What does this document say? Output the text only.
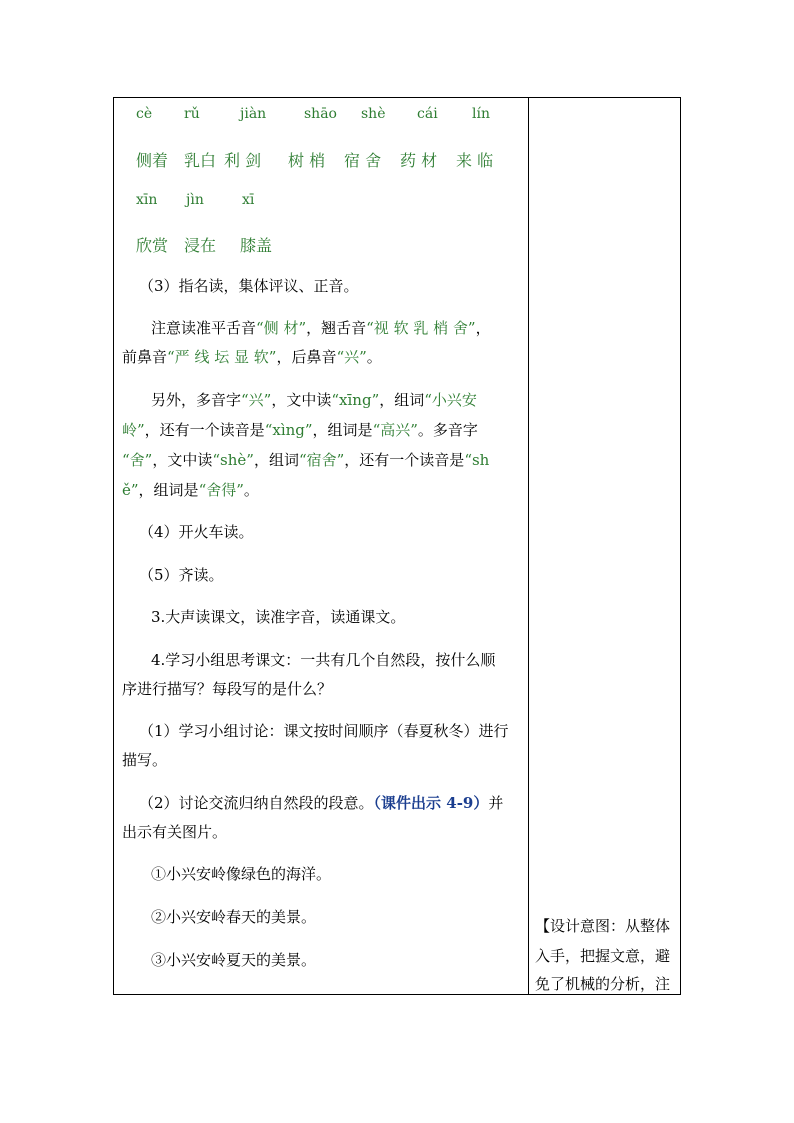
cè rǔ	jiàn	shāo shè cái lín
侧着 乳白 利 剑 树 梢 宿 舍 药 材 来 临
xīn jìn	xī
欣赏 浸在 膝盖
（3）指名读，集体评议、正音。
注意读准平舌音“侧 材”，翘舌音“视 软 乳 梢 舍”，
前鼻音“严 线 坛 显 软”，后鼻音“兴”。
另外，多音字“兴”，文中读“xīng”，组词“小兴安
岭”，还有一个读音是“xìng”，组词是“高兴”。多音字
“舍”，文中读“shè”，组词“宿舍”，还有一个读音是“sh
ě”，组词是“舍得”。
（4）开火车读。
（5）齐读。
3.大声读课文，读准字音，读通课文。
4.学习小组思考课文：一共有几个自然段，按什么顺
序进行描写？每段写的是什么？
（1）学习小组讨论：课文按时间顺序（春夏秋冬）进行
描写。
（2）讨论交流归纳自然段的段意。（课件出示 4-9）并
出示有关图片。
①小兴安岭像绿色的海洋。
②小兴安岭春天的美景。
③小兴安岭夏天的美景。
【设计意图：从整体
入手，把握文意，避
免了机械的分析，注
